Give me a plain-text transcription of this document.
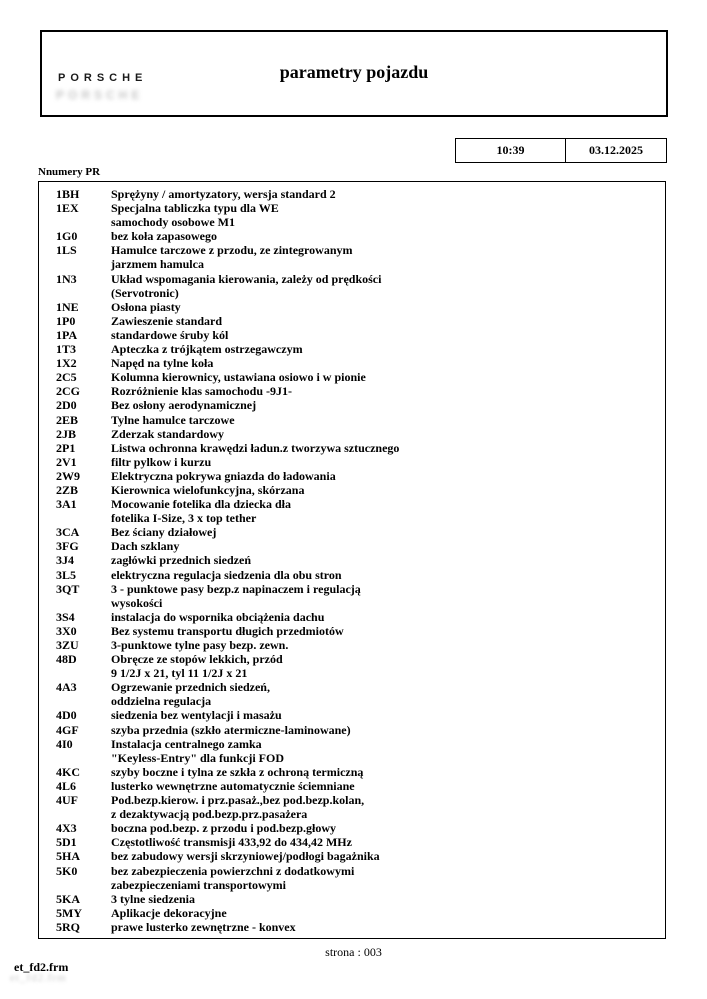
PORSCHE
PORSCHE
parametry pojazdu
10:39	03.12.2025
Nnumery PR
1BH	Sprężyny / amortyzatory, wersja standard 2
1EX	Specjalna tabliczka typu dla WE
samochody osobowe M1
1G0	bez koła zapasowego
1LS	Hamulce tarczowe z przodu, ze zintegrowanym
jarzmem hamulca
1N3	Układ wspomagania kierowania, zależy od prędkości
(Servotronic)
1NE	Osłona piasty
1P0	Zawieszenie standard
1PA	standardowe śruby kól
1T3	Apteczka z trójkątem ostrzegawczym
1X2	Napęd na tylne koła
2C5	Kolumna kierownicy, ustawiana osiowo i w pionie
2CG	Rozróżnienie klas samochodu -9J1-
2D0	Bez osłony aerodynamicznej
2EB	Tylne hamulce tarczowe
2JB	Zderzak standardowy
2P1	Listwa ochronna krawędzi ładun.z tworzywa sztucznego
2V1	filtr pylkow i kurzu
2W9	Elektryczna pokrywa gniazda do ładowania
2ZB	Kierownica wielofunkcyjna, skórzana
3A1	Mocowanie fotelika dla dziecka dła
fotelika I-Size, 3 x top tether
3CA	Bez ściany działowej
3FG	Dach szklany
3J4	zagłówki przednich siedzeń
3L5	elektryczna regulacja siedzenia dla obu stron
3QT	3 - punktowe pasy bezp.z napinaczem i regulacją
wysokości
3S4	instalacja do wspornika obciążenia dachu
3X0	Bez systemu transportu długich przedmiotów
3ZU	3-punktowe tylne pasy bezp. zewn.
48D	Obręcze ze stopów lekkich, przód
9 1/2J x 21, tyl 11 1/2J x 21
4A3	Ogrzewanie przednich siedzeń,
oddzielna regulacja
4D0	siedzenia bez wentylacji i masażu
4GF	szyba przednia (szkło atermiczne-laminowane)
4I0	Instalacja centralnego zamka
"Keyless-Entry" dla funkcji FOD
4KC	szyby boczne i tylna ze szkła z ochroną termiczną
4L6	lusterko wewnętrzne automatycznie ściemniane
4UF	Pod.bezp.kierow. i prz.pasaż.,bez pod.bezp.kolan,
z dezaktywacją pod.bezp.prz.pasażera
4X3	boczna pod.bezp. z przodu i pod.bezp.głowy
5D1	Częstotliwość transmisji 433,92 do 434,42 MHz
5HA	bez zabudowy wersji skrzyniowej/podłogi bagażnika
5K0	bez zabezpieczenia powierzchni z dodatkowymi
zabezpieczeniami transportowymi
5KA	3 tylne siedzenia
5MY	Aplikacje dekoracyjne
5RQ	prawe lusterko zewnętrzne - konvex
strona : 003
et_fd2.frm
et_fd2.frm
